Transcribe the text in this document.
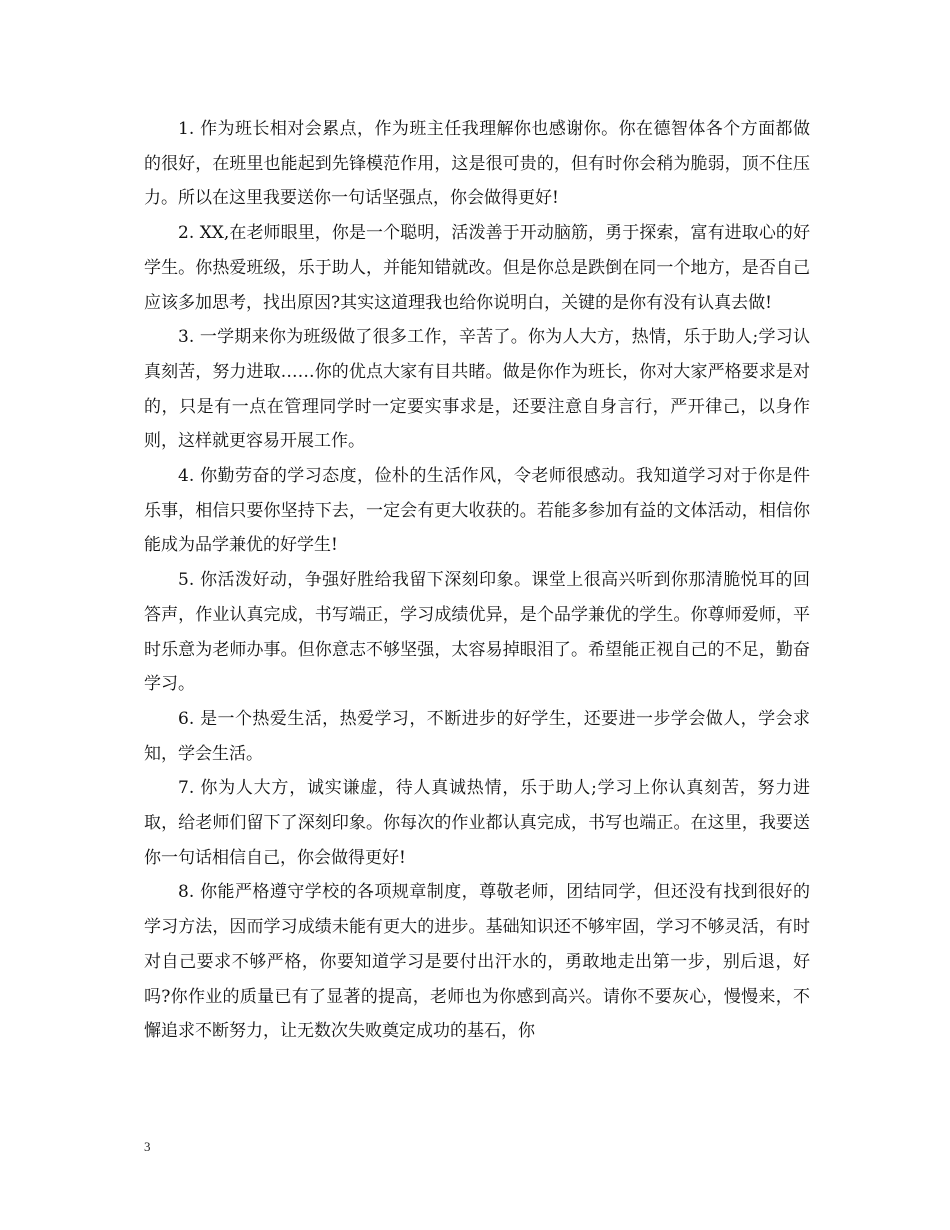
1. 作为班长相对会累点，作为班主任我理解你也感谢你。你在德智体各个方面都做的很好，在班里也能起到先锋模范作用，这是很可贵的，但有时你会稍为脆弱，顶不住压力。所以在这里我要送你一句话坚强点，你会做得更好!

2. XX,在老师眼里，你是一个聪明，活泼善于开动脑筋，勇于探索，富有进取心的好学生。你热爱班级，乐于助人，并能知错就改。但是你总是跌倒在同一个地方，是否自己应该多加思考，找出原因?其实这道理我也给你说明白，关键的是你有没有认真去做!

3. 一学期来你为班级做了很多工作，辛苦了。你为人大方，热情，乐于助人;学习认真刻苦，努力进取……你的优点大家有目共睹。做是你作为班长，你对大家严格要求是对的，只是有一点在管理同学时一定要实事求是，还要注意自身言行，严开律己，以身作则，这样就更容易开展工作。

4. 你勤劳奋的学习态度，俭朴的生活作风，令老师很感动。我知道学习对于你是件乐事，相信只要你坚持下去，一定会有更大收获的。若能多参加有益的文体活动，相信你能成为品学兼优的好学生!

5. 你活泼好动，争强好胜给我留下深刻印象。课堂上很高兴听到你那清脆悦耳的回答声，作业认真完成，书写端正，学习成绩优异，是个品学兼优的学生。你尊师爱师，平时乐意为老师办事。但你意志不够坚强，太容易掉眼泪了。希望能正视自己的不足，勤奋学习。

6. 是一个热爱生活，热爱学习，不断进步的好学生，还要进一步学会做人，学会求知，学会生活。

7. 你为人大方，诚实谦虚，待人真诚热情，乐于助人;学习上你认真刻苦，努力进取，给老师们留下了深刻印象。你每次的作业都认真完成，书写也端正。在这里，我要送你一句话相信自己，你会做得更好!

8. 你能严格遵守学校的各项规章制度，尊敬老师，团结同学，但还没有找到很好的学习方法，因而学习成绩未能有更大的进步。基础知识还不够牢固，学习不够灵活，有时对自己要求不够严格，你要知道学习是要付出汗水的，勇敢地走出第一步，别后退，好吗?你作业的质量已有了显著的提高，老师也为你感到高兴。请你不要灰心，慢慢来，不懈追求不断努力，让无数次失败奠定成功的基石，你

3
